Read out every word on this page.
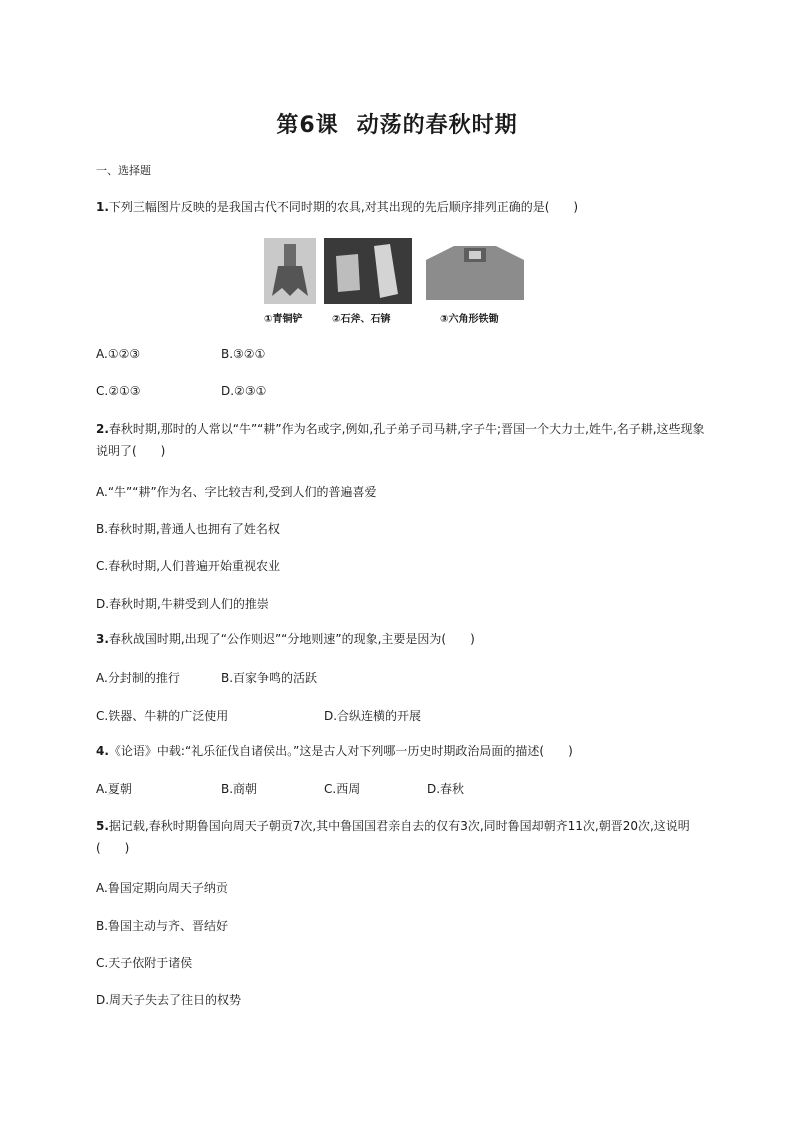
第6课 动荡的春秋时期
一、选择题
1.下列三幅图片反映的是我国古代不同时期的农具,对其出现的先后顺序排列正确的是(　　)
①青铜铲	②石斧、石锛	③六角形铁锄
A.①②③	B.③②①
C.②①③	D.②③①
2.春秋时期,那时的人常以“牛”“耕”作为名或字,例如,孔子弟子司马耕,字子牛;晋国一个大力士,姓牛,名子耕,这些现象说明了(　　)
A.“牛”“耕”作为名、字比较吉利,受到人们的普遍喜爱
B.春秋时期,普通人也拥有了姓名权
C.春秋时期,人们普遍开始重视农业
D.春秋时期,牛耕受到人们的推崇
3.春秋战国时期,出现了“公作则迟”“分地则速”的现象,主要是因为(　　)
A.分封制的推行	B.百家争鸣的活跃
C.铁器、牛耕的广泛使用	D.合纵连横的开展
4.《论语》中载:“礼乐征伐自诸侯出。”这是古人对下列哪一历史时期政治局面的描述(　　)
A.夏朝	B.商朝	C.西周	D.春秋
5.据记载,春秋时期鲁国向周天子朝贡7次,其中鲁国国君亲自去的仅有3次,同时鲁国却朝齐11次,朝晋20次,这说明(　　)
A.鲁国定期向周天子纳贡
B.鲁国主动与齐、晋结好
C.天子依附于诸侯
D.周天子失去了往日的权势
